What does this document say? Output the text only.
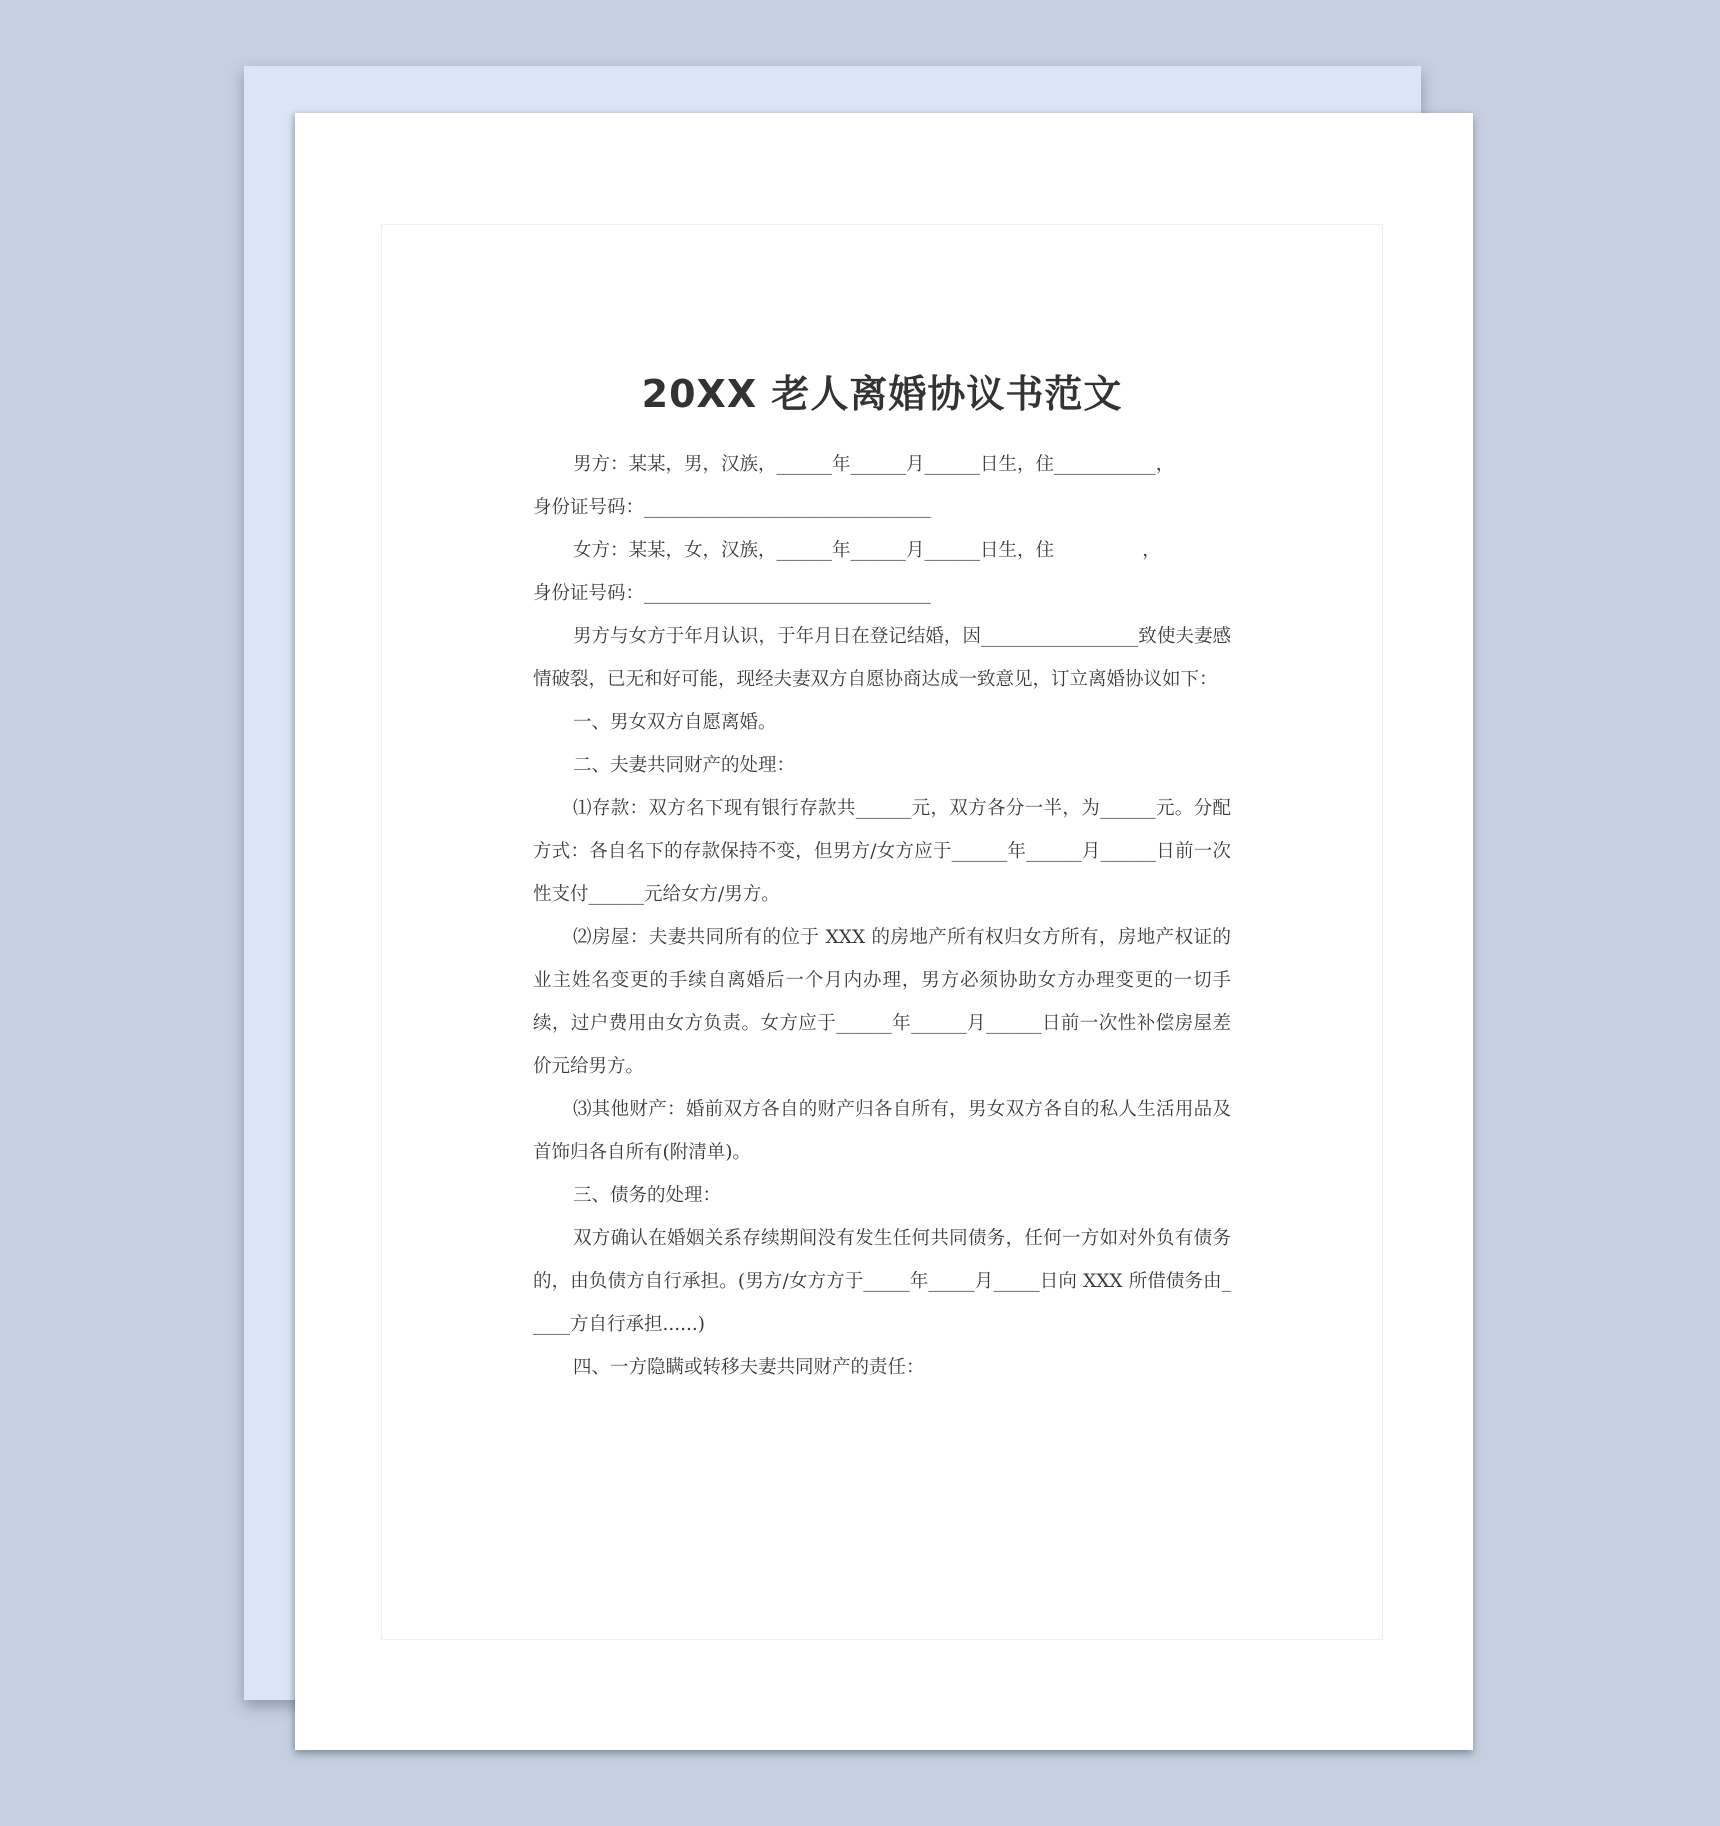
20XX 老人离婚协议书范文

男方：某某，男，汉族，______年______月______日生，住___________，

身份证号码：_______________________________

女方：某某，女，汉族，______年______月______日生，住               ，

身份证号码：_______________________________

男方与女方于年月认识，于年月日在登记结婚，因_________________致使夫妻感情破裂，已无和好可能，现经夫妻双方自愿协商达成一致意见，订立离婚协议如下：

一、男女双方自愿离婚。

二、夫妻共同财产的处理：

⑴存款：双方名下现有银行存款共______元，双方各分一半，为______元。分配方式：各自名下的存款保持不变，但男方/女方应于______年______月______日前一次性支付______元给女方/男方。

⑵房屋：夫妻共同所有的位于 XXX 的房地产所有权归女方所有，房地产权证的业主姓名变更的手续自离婚后一个月内办理，男方必须协助女方办理变更的一切手续，过户费用由女方负责。女方应于______年______月______日前一次性补偿房屋差价元给男方。

⑶其他财产：婚前双方各自的财产归各自所有，男女双方各自的私人生活用品及首饰归各自所有(附清单)。

三、债务的处理：

双方确认在婚姻关系存续期间没有发生任何共同债务，任何一方如对外负有债务的，由负债方自行承担。(男方/女方方于_____年_____月_____日向 XXX 所借债务由_____方自行承担......)

四、一方隐瞒或转移夫妻共同财产的责任：
